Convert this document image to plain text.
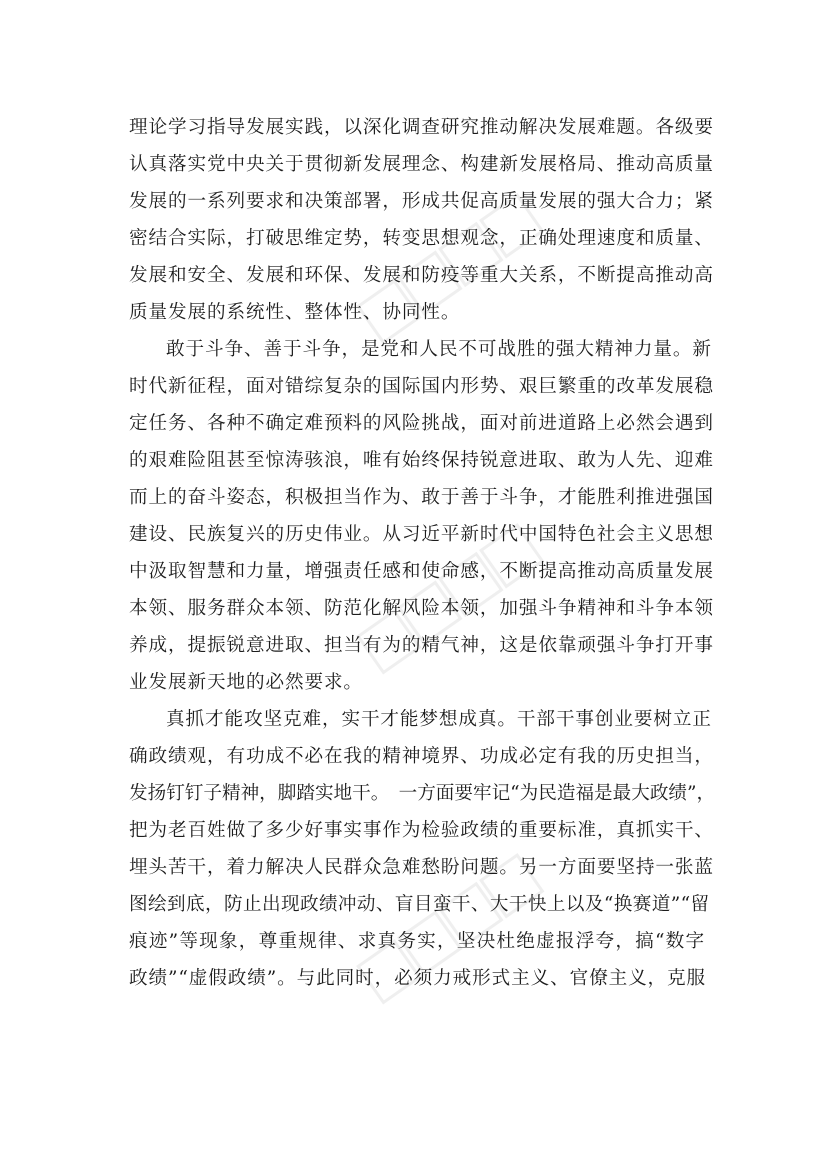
理论学习指导发展实践，以深化调查研究推动解决发展难题。各级要

认真落实党中央关于贯彻新发展理念、构建新发展格局、推动高质量

发展的一系列要求和决策部署，形成共促高质量发展的强大合力；紧

密结合实际，打破思维定势，转变思想观念，正确处理速度和质量、

发展和安全、发展和环保、发展和防疫等重大关系，不断提高推动高

质量发展的系统性、整体性、协同性。

敢于斗争、善于斗争，是党和人民不可战胜的强大精神力量。新

时代新征程，面对错综复杂的国际国内形势、艰巨繁重的改革发展稳

定任务、各种不确定难预料的风险挑战，面对前进道路上必然会遇到

的艰难险阻甚至惊涛骇浪，唯有始终保持锐意进取、敢为人先、迎难

而上的奋斗姿态，积极担当作为、敢于善于斗争，才能胜利推进强国

建设、民族复兴的历史伟业。从习近平新时代中国特色社会主义思想

中汲取智慧和力量，增强责任感和使命感，不断提高推动高质量发展

本领、服务群众本领、防范化解风险本领，加强斗争精神和斗争本领

养成，提振锐意进取、担当有为的精气神，这是依靠顽强斗争打开事

业发展新天地的必然要求。

真抓才能攻坚克难，实干才能梦想成真。干部干事创业要树立正

确政绩观，有功成不必在我的精神境界、功成必定有我的历史担当，

发扬钉钉子精神，脚踏实地干。　一方面要牢记“为民造福是最大政绩”，

把为老百姓做了多少好事实事作为检验政绩的重要标准，真抓实干、

埋头苦干，着力解决人民群众急难愁盼问题。另一方面要坚持一张蓝

图绘到底，防止出现政绩冲动、盲目蛮干、大干快上以及“换赛道”“留

痕迹”等现象，尊重规律、求真务实，坚决杜绝虚报浮夸，搞“数字

政绩”“虚假政绩”。与此同时，必须力戒形式主义、官僚主义，克服
